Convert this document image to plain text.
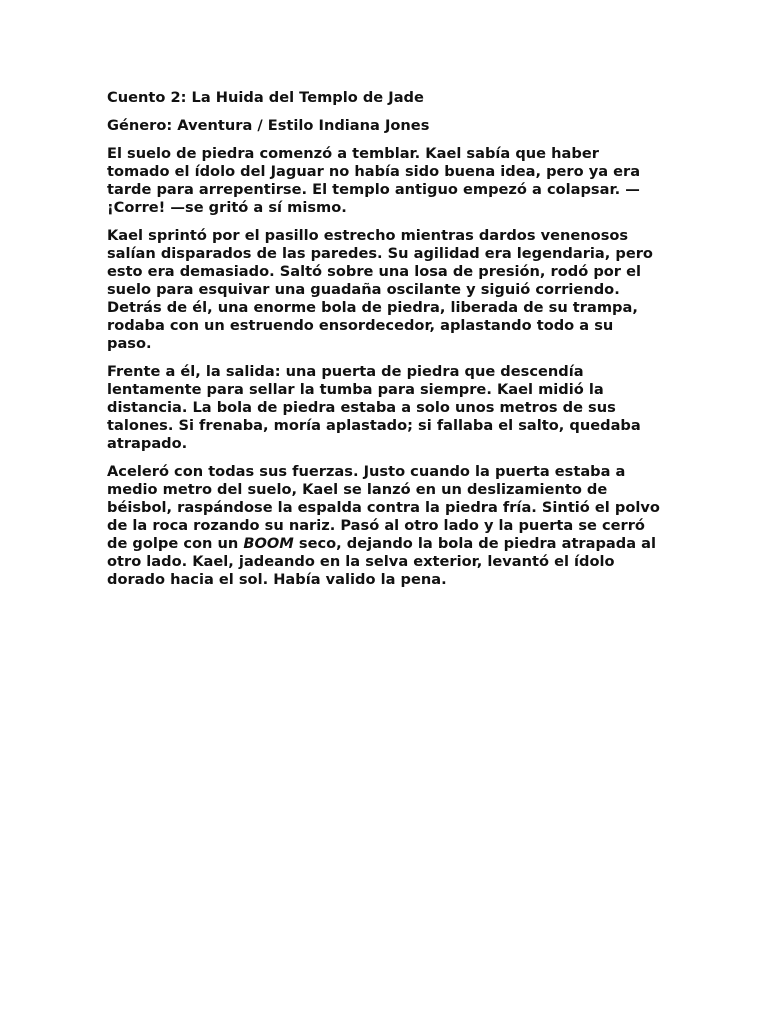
Cuento 2: La Huida del Templo de Jade

Género: Aventura / Estilo Indiana Jones

El suelo de piedra comenzó a temblar. Kael sabía que haber tomado el ídolo del Jaguar no había sido buena idea, pero ya era tarde para arrepentirse. El templo antiguo empezó a colapsar. —¡Corre! —se gritó a sí mismo.

Kael sprintó por el pasillo estrecho mientras dardos venenosos salían disparados de las paredes. Su agilidad era legendaria, pero esto era demasiado. Saltó sobre una losa de presión, rodó por el suelo para esquivar una guadaña oscilante y siguió corriendo. Detrás de él, una enorme bola de piedra, liberada de su trampa, rodaba con un estruendo ensordecedor, aplastando todo a su paso.

Frente a él, la salida: una puerta de piedra que descendía lentamente para sellar la tumba para siempre. Kael midió la distancia. La bola de piedra estaba a solo unos metros de sus talones. Si frenaba, moría aplastado; si fallaba el salto, quedaba atrapado.

Aceleró con todas sus fuerzas. Justo cuando la puerta estaba a medio metro del suelo, Kael se lanzó en un deslizamiento de béisbol, raspándose la espalda contra la piedra fría. Sintió el polvo de la roca rozando su nariz. Pasó al otro lado y la puerta se cerró de golpe con un BOOM seco, dejando la bola de piedra atrapada al otro lado. Kael, jadeando en la selva exterior, levantó el ídolo dorado hacia el sol. Había valido la pena.
